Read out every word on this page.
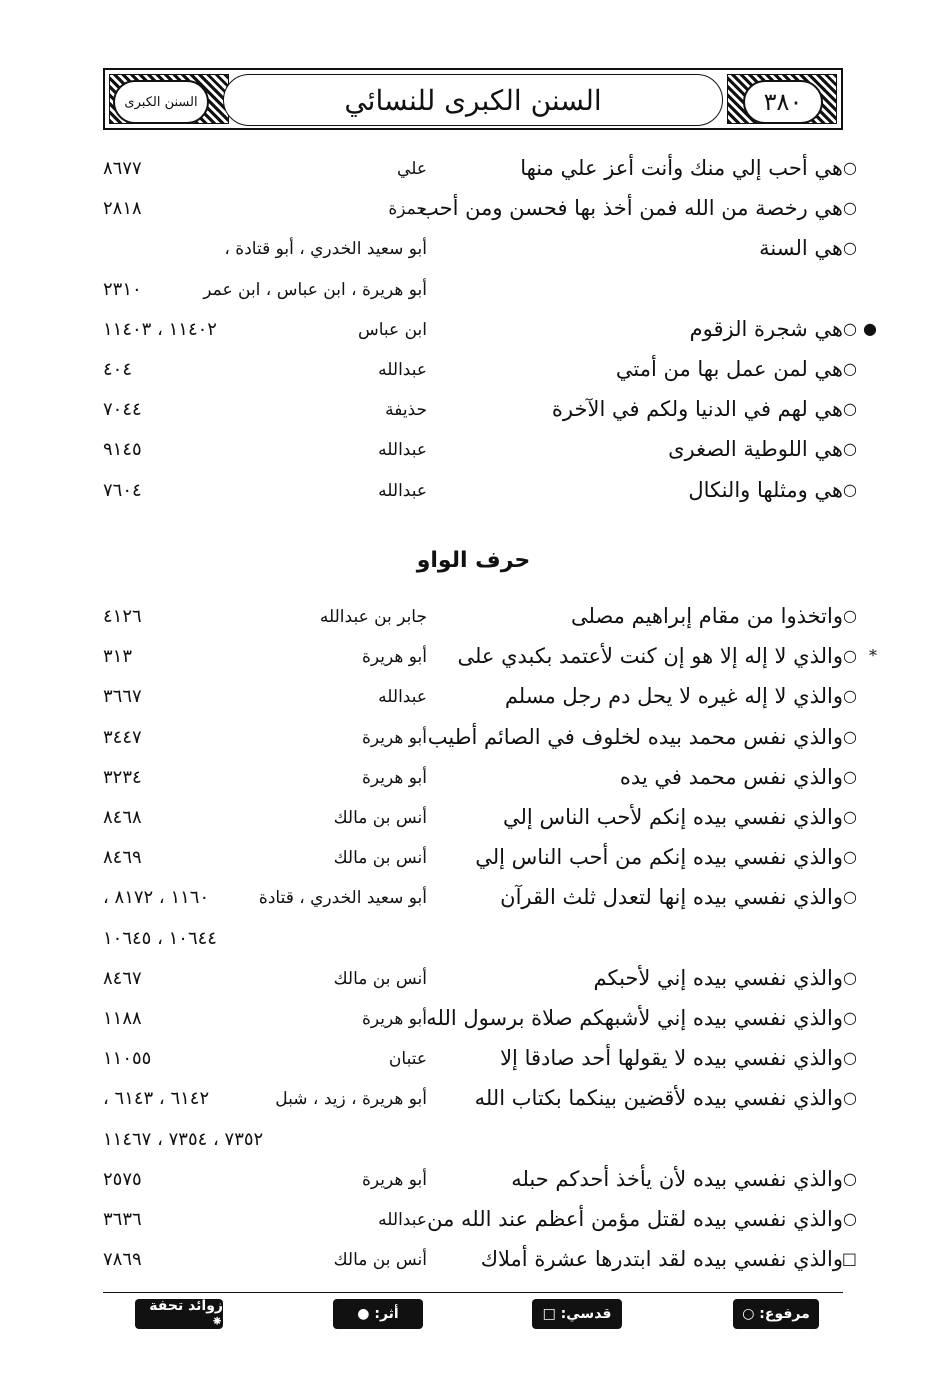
السنن الكبرى	السنن الكبرى للنسائي	٣٨٠
○
هي أحب إلي منك وأنت أعز علي منها
علي
٨٦٧٧
○
هي رخصة من الله فمن أخذ بها فحسن ومن أحب
حمزة
٢٨١٨
○
هي السنة
أبو سعيد الخدري ، أبو قتادة ،
أبو هريرة ، ابن عباس ، ابن عمر
٢٣١٠
●
○
هي شجرة الزقوم
ابن عباس
١١٤٠٢ ، ١١٤٠٣
○
هي لمن عمل بها من أمتي
عبدالله
٤٠٤
○
هي لهم في الدنيا ولكم في الآخرة
حذيفة
٧٠٤٤
○
هي اللوطية الصغرى
عبدالله
٩١٤٥
○
هي ومثلها والنكال
عبدالله
٧٦٠٤
حرف الواو
○
واتخذوا من مقام إبراهيم مصلى
جابر بن عبدالله
٤١٢٦
*
○
والذي لا إله إلا هو إن كنت لأعتمد بكبدي على
أبو هريرة
٣١٣
○
والذي لا إله غيره لا يحل دم رجل مسلم
عبدالله
٣٦٦٧
○
والذي نفس محمد بيده لخلوف في الصائم أطيب
أبو هريرة
٣٤٤٧
○
والذي نفس محمد في يده
أبو هريرة
٣٢٣٤
○
والذي نفسي بيده إنكم لأحب الناس إلي
أنس بن مالك
٨٤٦٨
○
والذي نفسي بيده إنكم من أحب الناس إلي
أنس بن مالك
٨٤٦٩
○
والذي نفسي بيده إنها لتعدل ثلث القرآن
أبو سعيد الخدري ، قتادة
١١٦٠ ، ٨١٧٢ ،
١٠٦٤٤ ، ١٠٦٤٥
○
والذي نفسي بيده إني لأحبكم
أنس بن مالك
٨٤٦٧
○
والذي نفسي بيده إني لأشبهكم صلاة برسول الله
أبو هريرة
١١٨٨
○
والذي نفسي بيده لا يقولها أحد صادقا إلا
عتبان
١١٠٥٥
○
والذي نفسي بيده لأقضين بينكما بكتاب الله
أبو هريرة ، زيد ، شبل
٦١٤٢ ، ٦١٤٣ ،
٧٣٥٢ ، ٧٣٥٤ ، ١١٤٦٧
○
والذي نفسي بيده لأن يأخذ أحدكم حبله
أبو هريرة
٢٥٧٥
○
والذي نفسي بيده لقتل مؤمن أعظم عند الله من
عبدالله
٣٦٣٦
□
والذي نفسي بيده لقد ابتدرها عشرة أملاك
أنس بن مالك
٧٨٦٩
مرفوع: ○
قدسي: □
أثر: ●
زوائد تحفة ⁕
